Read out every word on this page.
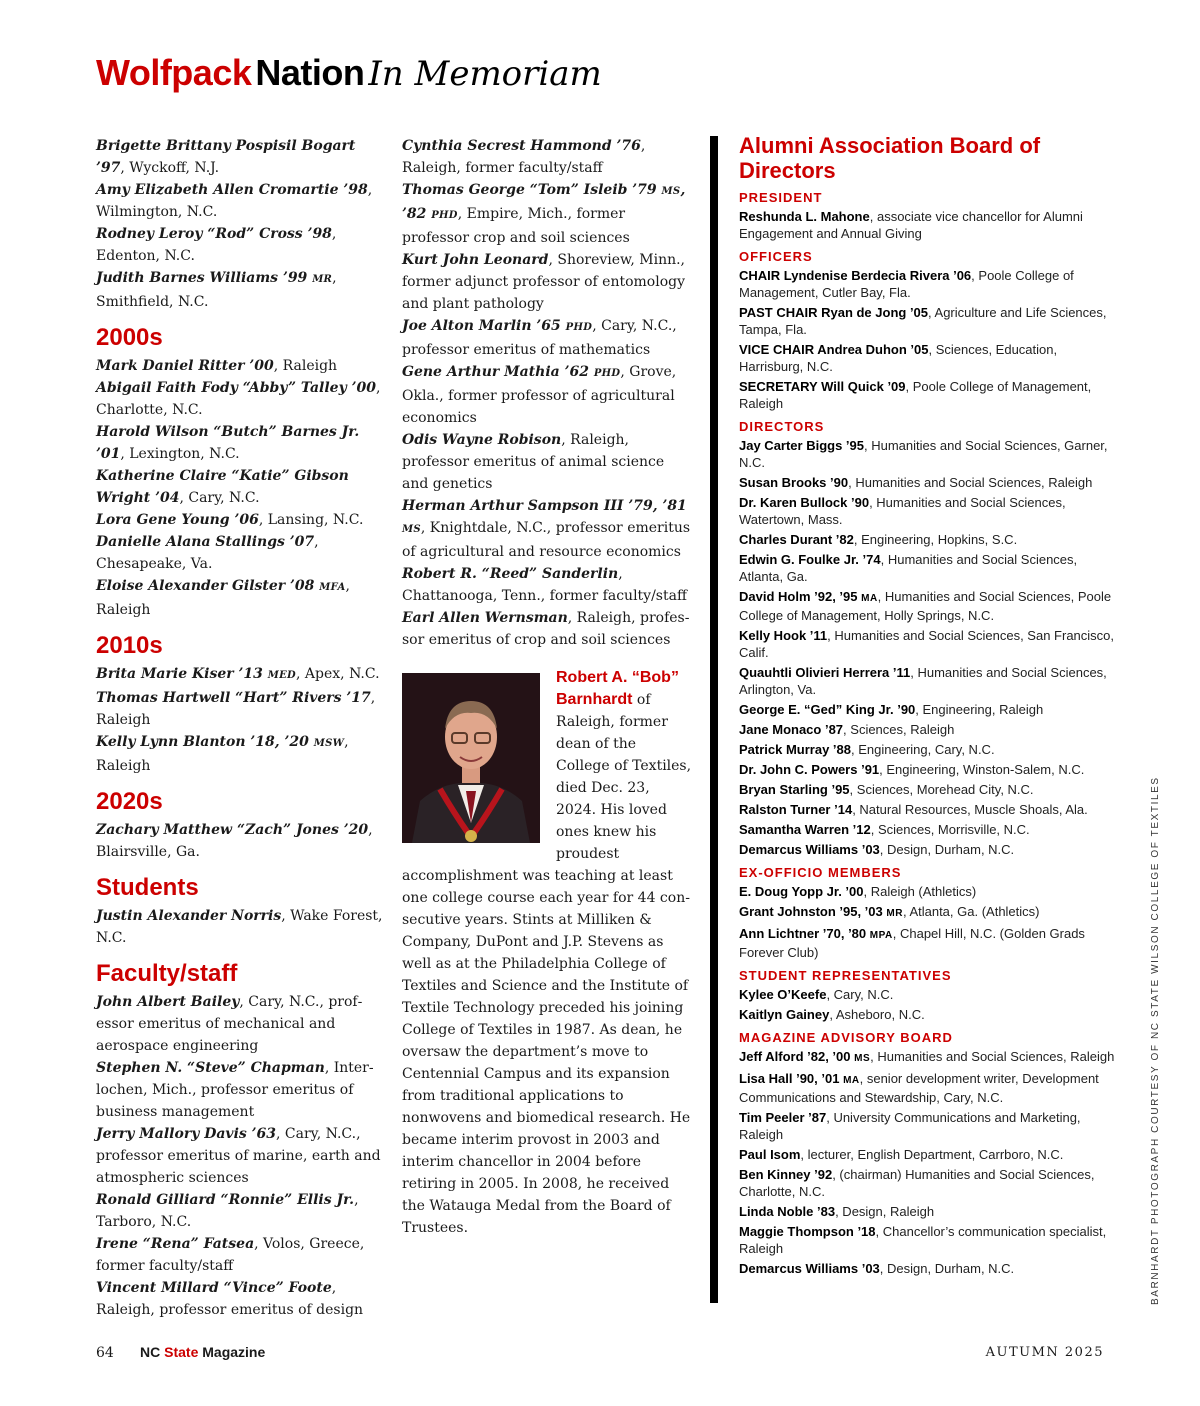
Wolfpack Nation In Memoriam
Brigette Brittany Pospisil Bogart ’97, Wyckoff, N.J.
Amy Elizabeth Allen Cromartie ’98, Wilmington, N.C.
Rodney Leroy “Rod” Cross ’98, Edenton, N.C.
Judith Barnes Williams ’99 MR, Smithfield, N.C.
2000s
Mark Daniel Ritter ’00, Raleigh
Abigail Faith Fody “Abby” Talley ’00, Charlotte, N.C.
Harold Wilson “Butch” Barnes Jr. ’01, Lexington, N.C.
Katherine Claire “Katie” Gibson Wright ’04, Cary, N.C.
Lora Gene Young ’06, Lansing, N.C.
Danielle Alana Stallings ’07, Chesapeake, Va.
Eloise Alexander Gilster ’08 MFA, Raleigh
2010s
Brita Marie Kiser ’13 MED, Apex, N.C.
Thomas Hartwell “Hart” Rivers ’17, Raleigh
Kelly Lynn Blanton ’18, ’20 MSW, Raleigh
2020s
Zachary Matthew “Zach” Jones ’20, Blairsville, Ga.
Students
Justin Alexander Norris, Wake Forest, N.C.
Faculty/staff
John Albert Bailey, Cary, N.C., professor emeritus of mechanical and aerospace engineering
Stephen N. “Steve” Chapman, Interlochen, Mich., professor emeritus of business management
Jerry Mallory Davis ’63, Cary, N.C., professor emeritus of marine, earth and atmospheric sciences
Ronald Gilliard “Ronnie” Ellis Jr., Tarboro, N.C.
Irene “Rena” Fatsea, Volos, Greece, former faculty/staff
Vincent Millard “Vince” Foote, Raleigh, professor emeritus of design
Cynthia Secrest Hammond ’76, Raleigh, former faculty/staff
Thomas George “Tom” Isleib ’79 MS, ’82 PHD, Empire, Mich., former professor crop and soil sciences
Kurt John Leonard, Shoreview, Minn., former adjunct professor of entomology and plant pathology
Joe Alton Marlin ’65 PHD, Cary, N.C., professor emeritus of mathematics
Gene Arthur Mathia ’62 PHD, Grove, Okla., former professor of agricultural economics
Odis Wayne Robison, Raleigh, professor emeritus of animal science and genetics
Herman Arthur Sampson III ’79, ’81 MS, Knightdale, N.C., professor emeritus of agricultural and resource economics
Robert R. “Reed” Sanderlin, Chattanooga, Tenn., former faculty/staff
Earl Allen Wernsman, Raleigh, professor emeritus of crop and soil sciences
Robert A. “Bob” Barnhardt of Raleigh, former dean of the College of Textiles, died Dec. 23, 2024. His loved ones knew his proudest accomplishment was teaching at least one college course each year for 44 consecutive years. Stints at Milliken & Company, DuPont and J.P. Stevens as well as at the Philadelphia College of Textiles and Science and the Institute of Textile Technology preceded his joining College of Textiles in 1987. As dean, he oversaw the department’s move to Centennial Campus and its expansion from traditional applications to nonwovens and biomedical research. He became interim provost in 2003 and interim chancellor in 2004 before retiring in 2005. In 2008, he received the Watauga Medal from the Board of Trustees.
Alumni Association Board of Directors
PRESIDENT
Reshunda L. Mahone, associate vice chancellor for Alumni Engagement and Annual Giving
OFFICERS
CHAIR Lyndenise Berdecia Rivera ’06, Poole College of Management, Cutler Bay, Fla.
PAST CHAIR Ryan de Jong ’05, Agriculture and Life Sciences, Tampa, Fla.
VICE CHAIR Andrea Duhon ’05, Sciences, Education, Harrisburg, N.C.
SECRETARY Will Quick ’09, Poole College of Management, Raleigh
DIRECTORS
Jay Carter Biggs ’95, Humanities and Social Sciences, Garner, N.C.
Susan Brooks ’90, Humanities and Social Sciences, Raleigh
Dr. Karen Bullock ’90, Humanities and Social Sciences, Watertown, Mass.
Charles Durant ’82, Engineering, Hopkins, S.C.
Edwin G. Foulke Jr. ’74, Humanities and Social Sciences, Atlanta, Ga.
David Holm ’92, ’95 MA, Humanities and Social Sciences, Poole College of Management, Holly Springs, N.C.
Kelly Hook ’11, Humanities and Social Sciences, San Francisco, Calif.
Quauhtli Olivieri Herrera ’11, Humanities and Social Sciences, Arlington, Va.
George E. “Ged” King Jr. ’90, Engineering, Raleigh
Jane Monaco ’87, Sciences, Raleigh
Patrick Murray ’88, Engineering, Cary, N.C.
Dr. John C. Powers ’91, Engineering, Winston-Salem, N.C.
Bryan Starling ’95, Sciences, Morehead City, N.C.
Ralston Turner ’14, Natural Resources, Muscle Shoals, Ala.
Samantha Warren ’12, Sciences, Morrisville, N.C.
Demarcus Williams ’03, Design, Durham, N.C.
EX-OFFICIO MEMBERS
E. Doug Yopp Jr. ’00, Raleigh (Athletics)
Grant Johnston ’95, ’03 MR, Atlanta, Ga. (Athletics)
Ann Lichtner ’70, ’80 MPA, Chapel Hill, N.C. (Golden Grads Forever Club)
STUDENT REPRESENTATIVES
Kylee O’Keefe, Cary, N.C.
Kaitlyn Gainey, Asheboro, N.C.
MAGAZINE ADVISORY BOARD
Jeff Alford ’82, ’00 MS, Humanities and Social Sciences, Raleigh
Lisa Hall ’90, ’01 MA, senior development writer, Development Communications and Stewardship, Cary, N.C.
Tim Peeler ’87, University Communications and Marketing, Raleigh
Paul Isom, lecturer, English Department, Carrboro, N.C.
Ben Kinney ’92, (chairman) Humanities and Social Sciences, Charlotte, N.C.
Linda Noble ’83, Design, Raleigh
Maggie Thompson ’18, Chancellor’s communication specialist, Raleigh
Demarcus Williams ’03, Design, Durham, N.C.	BARNHARDT PHOTOGRAPH COURTESY OF NC STATE WILSON COLLEGE OF TEXTILES
64 NC State Magazine	AUTUMN 2025
